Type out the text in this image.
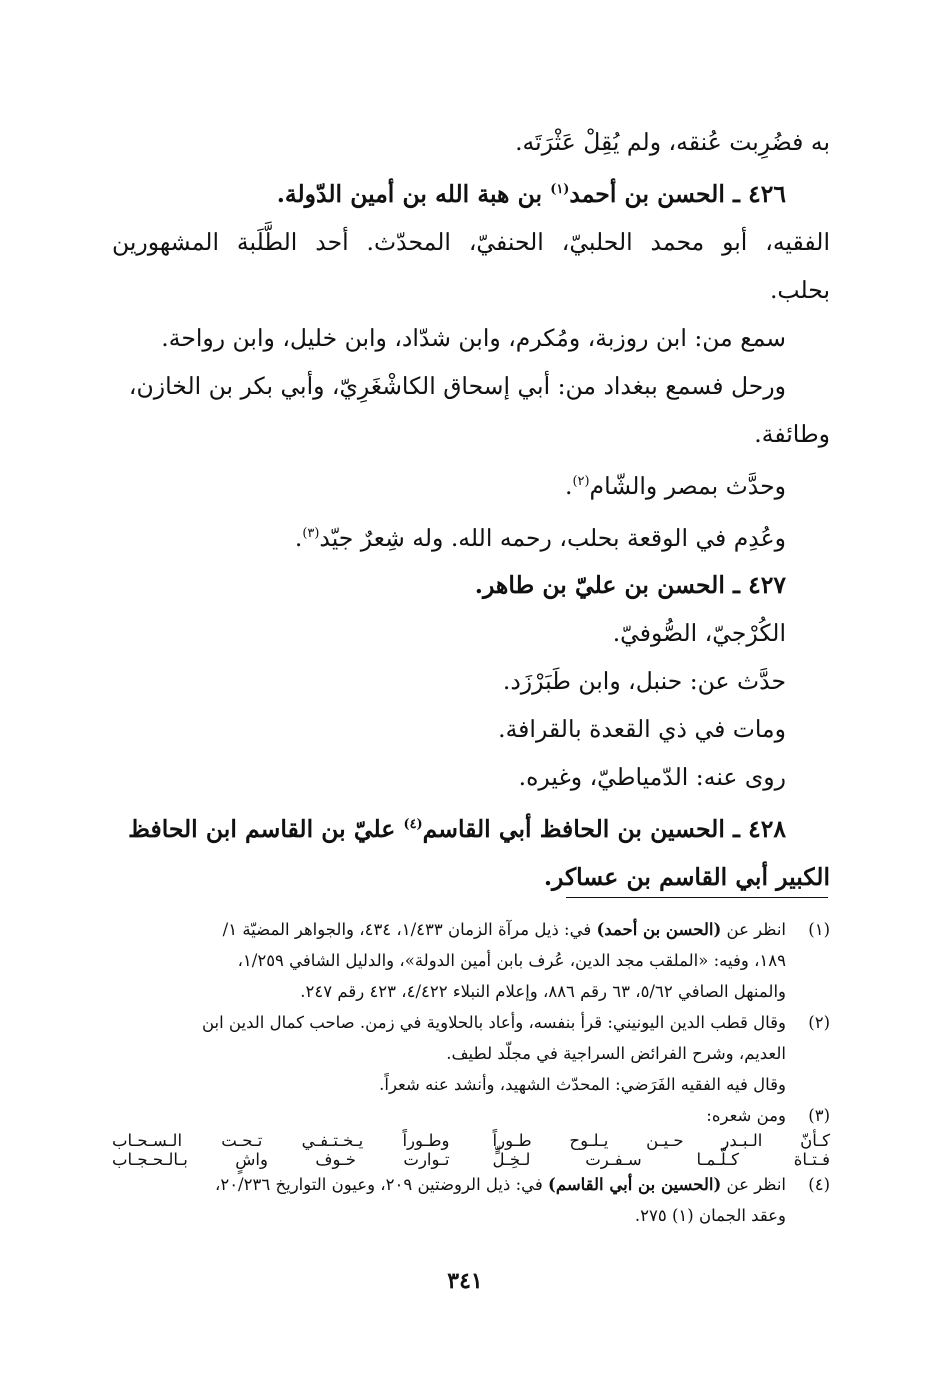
به فضُرِبت عُنقه، ولم يُقِلْ عَثْرَتَه.

٤٢٦ ـ الحسن بن أحمد$^{(١)}$ بن هبة الله بن أمين الدّولة.

الفقيه، أبو محمد الحلبيّ، الحنفيّ، المحدّث. أحد الطَّلَبة المشهورين

بحلب.

سمع من: ابن روزبة، ومُكرم، وابن شدّاد، وابن خليل، وابن رواحة.

ورحل فسمع ببغداد من: أبي إسحاق الكاشْغَرِيّ، وأبي بكر بن الخازن،

وطائفة.

وحدَّث بمصر والشّام$^{(٢)}$.

وعُدِم في الوقعة بحلب، رحمه الله. وله شِعرٌ جيّد$^{(٣)}$.

٤٢٧ ـ الحسن بن عليّ بن طاهر.

الكُرْجيّ، الصُّوفيّ.

حدَّث عن: حنبل، وابن طَبَرْزَد.

ومات في ذي القعدة بالقرافة.

روى عنه: الدّمياطيّ، وغيره.

٤٢٨ ـ الحسين بن الحافظ أبي القاسم$^{(٤)}$ عليّ بن القاسم ابن الحافظ

الكبير أبي القاسم بن عساكر.

(١)
انظر عن (الحسن بن أحمد) في: ذيل مرآة الزمان ١/٤٣٣، ٤٣٤، والجواهر المضيّة ١/
١٨٩، وفيه: «الملقب مجد الدين، عُرف بابن أمين الدولة»، والدليل الشافي ١/٢٥٩،
والمنهل الصافي ٥/٦٢، ٦٣ رقم ٨٨٦، وإعلام النبلاء ٤/٤٢٢، ٤٢٣ رقم ٢٤٧.
(٢)
وقال قطب الدين اليونيني: قرأ بنفسه، وأعاد بالحلاوية في زمن. صاحب كمال الدين ابن
العديم، وشرح الفرائض السراجية في مجلّد لطيف.
وقال فيه الفقيه الفَرَضي: المحدّث الشهيد، وأنشد عنه شعراً.
(٣)
ومن شعره:
كـأنّ الـبـدر حـيـن يـلـوح طـوراً
وطـوراً يـخـتـفـي تـحـت الـسـحـاب
فـتـاة كـلّـمـا سـفـرت لـخِـلٍّ
تـوارت خـوف واشٍ بـالـحـجـاب
(٤)
انظر عن (الحسين بن أبي القاسم) في: ذيل الروضتين ٢٠٩، وعيون التواريخ ٢٠/٢٣٦،
وعقد الجمان (١) ٢٧٥.
٣٤١
